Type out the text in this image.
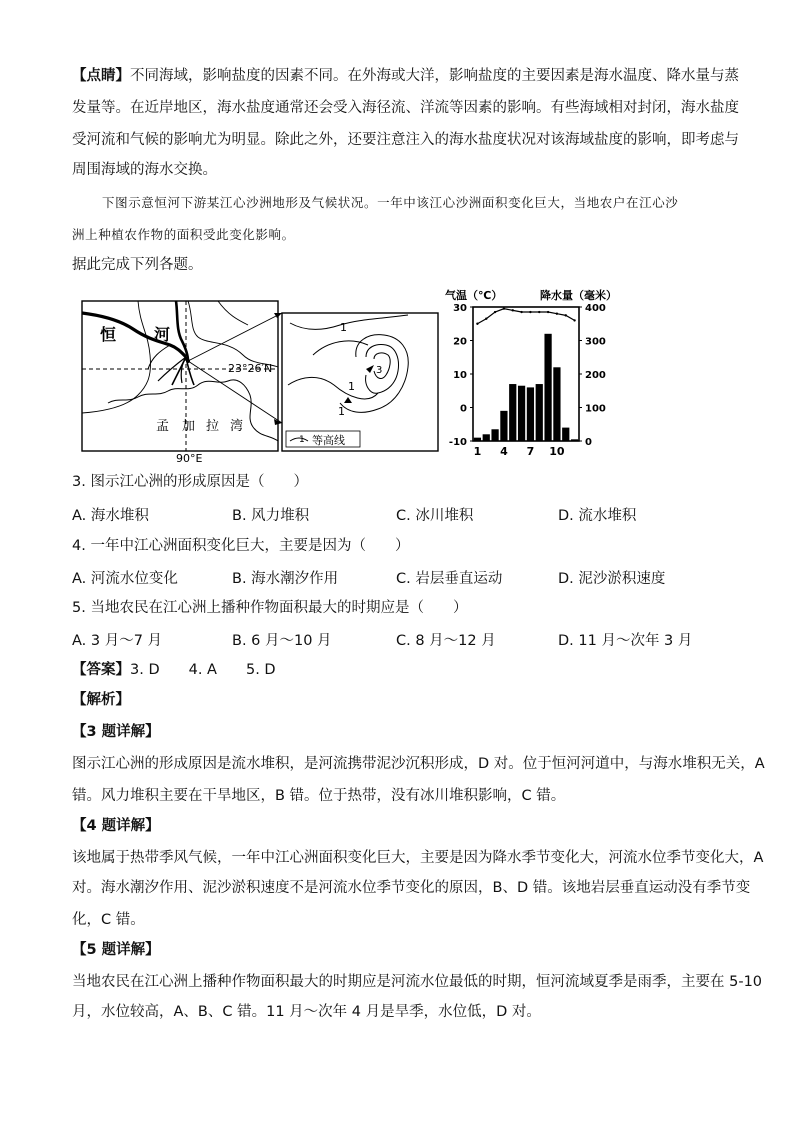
【点睛】不同海域，影响盐度的因素不同。在外海或大洋，影响盐度的主要因素是海水温度、降水量与蒸
发量等。在近岸地区，海水盐度通常还会受入海径流、洋流等因素的影响。有些海域相对封闭，海水盐度
受河流和气候的影响尤为明显。除此之外，还要注意注入的海水盐度状况对该海域盐度的影响，即考虑与
周围海域的海水交换。
下图示意恒河下游某江心沙洲地形及气候状况。一年中该江心沙洲面积变化巨大，当地农户在江心沙
洲上种植农作物的面积受此变化影响。
据此完成下列各题。
恒 河
23°26′N
90°E
孟 加 拉 湾
1
1
3
1
1 等高线
气温（℃）	降水量（毫米）
30
20
10
0
-10
400
300
200
100
0
1 4 7 10
3. 图示江心洲的形成原因是（　　）
A. 海水堆积	B. 风力堆积	C. 冰川堆积	D. 流水堆积
4. 一年中江心洲面积变化巨大，主要是因为（　　）
A. 河流水位变化	B. 海水潮汐作用	C. 岩层垂直运动	D. 泥沙淤积速度
5. 当地农民在江心洲上播种作物面积最大的时期应是（　　）
A. 3 月～7 月	B. 6 月～10 月	C. 8 月～12 月	D. 11 月～次年 3 月
【答案】3. D　　4. A　　5. D
【解析】
【3 题详解】
图示江心洲的形成原因是流水堆积，是河流携带泥沙沉积形成，D 对。位于恒河河道中，与海水堆积无关，A
错。风力堆积主要在干旱地区，B 错。位于热带，没有冰川堆积影响，C 错。
【4 题详解】
该地属于热带季风气候，一年中江心洲面积变化巨大，主要是因为降水季节变化大，河流水位季节变化大，A
对。海水潮汐作用、泥沙淤积速度不是河流水位季节变化的原因，B、D 错。该地岩层垂直运动没有季节变
化，C 错。
【5 题详解】
当地农民在江心洲上播种作物面积最大的时期应是河流水位最低的时期，恒河流域夏季是雨季，主要在 5-10
月，水位较高，A、B、C 错。11 月～次年 4 月是旱季，水位低，D 对。
